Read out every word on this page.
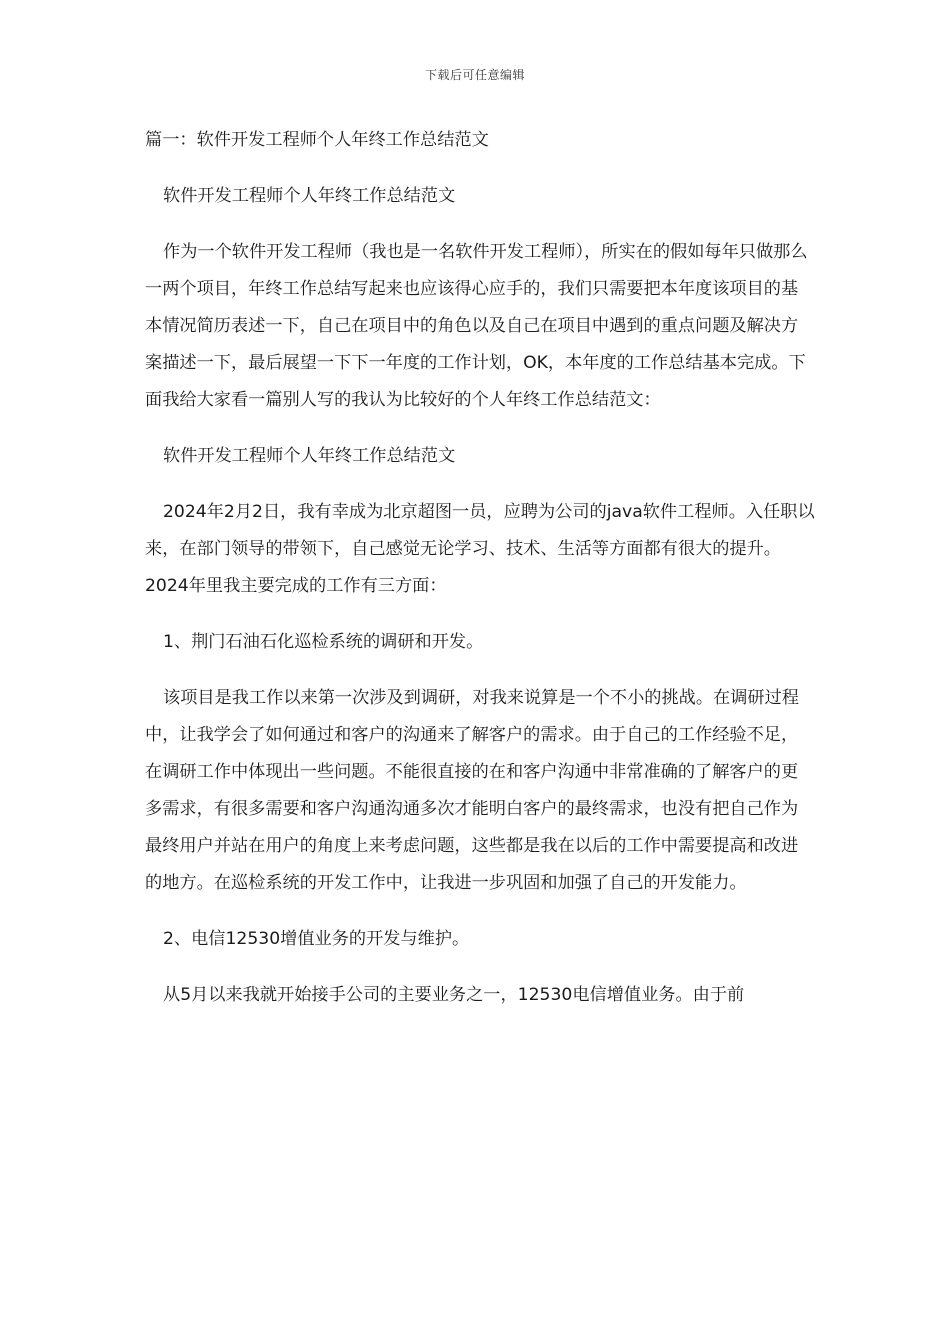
下载后可任意编辑

篇一：软件开发工程师个人年终工作总结范文

软件开发工程师个人年终工作总结范文

作为一个软件开发工程师（我也是一名软件开发工程师），所实在的假如每年只做那么一两个项目，年终工作总结写起来也应该得心应手的，我们只需要把本年度该项目的基本情况简历表述一下，自己在项目中的角色以及自己在项目中遇到的重点问题及解决方案描述一下，最后展望一下下一年度的工作计划，OK，本年度的工作总结基本完成。下面我给大家看一篇别人写的我认为比较好的个人年终工作总结范文：

软件开发工程师个人年终工作总结范文

2024年2月2日，我有幸成为北京超图一员，应聘为公司的java软件工程师。入任职以来，在部门领导的带领下，自己感觉无论学习、技术、生活等方面都有很大的提升。 2024年里我主要完成的工作有三方面：

1、荆门石油石化巡检系统的调研和开发。

该项目是我工作以来第一次涉及到调研，对我来说算是一个不小的挑战。在调研过程中，让我学会了如何通过和客户的沟通来了解客户的需求。由于自己的工作经验不足，在调研工作中体现出一些问题。不能很直接的在和客户沟通中非常准确的了解客户的更多需求，有很多需要和客户沟通沟通多次才能明白客户的最终需求，也没有把自己作为最终用户并站在用户的角度上来考虑问题，这些都是我在以后的工作中需要提高和改进的地方。在巡检系统的开发工作中，让我进一步巩固和加强了自己的开发能力。

2、电信12530增值业务的开发与维护。

从5月以来我就开始接手公司的主要业务之一，12530电信增值业务。由于前
